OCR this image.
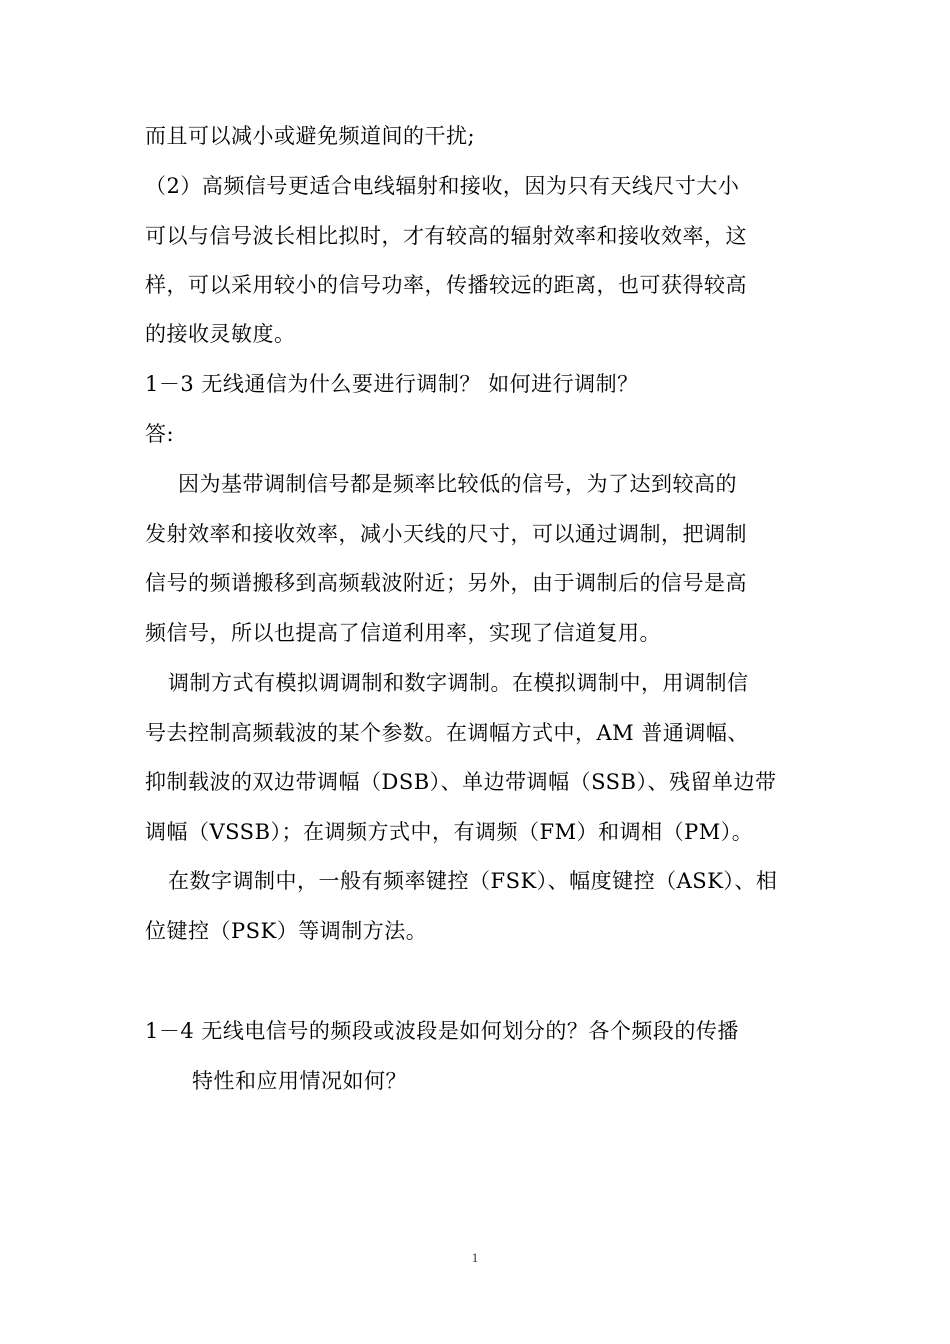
而且可以减小或避免频道间的干扰;
（2）高频信号更适合电线辐射和接收，因为只有天线尺寸大小
可以与信号波长相比拟时，才有较高的辐射效率和接收效率，这
样，可以采用较小的信号功率，传播较远的距离，也可获得较高
的接收灵敏度。
1－3 无线通信为什么要进行调制？ 如何进行调制？
答:
因为基带调制信号都是频率比较低的信号，为了达到较高的
发射效率和接收效率，减小天线的尺寸，可以通过调制，把调制
信号的频谱搬移到高频载波附近；另外，由于调制后的信号是高
频信号，所以也提高了信道利用率，实现了信道复用。
调制方式有模拟调调制和数字调制。在模拟调制中，用调制信
号去控制高频载波的某个参数。在调幅方式中，AM 普通调幅、
抑制载波的双边带调幅（DSB）、单边带调幅（SSB）、残留单边带
调幅（VSSB）；在调频方式中，有调频（FM）和调相（PM）。
在数字调制中，一般有频率键控（FSK）、幅度键控（ASK）、相
位键控（PSK）等调制方法。
1－4 无线电信号的频段或波段是如何划分的？各个频段的传播
特性和应用情况如何？
1
